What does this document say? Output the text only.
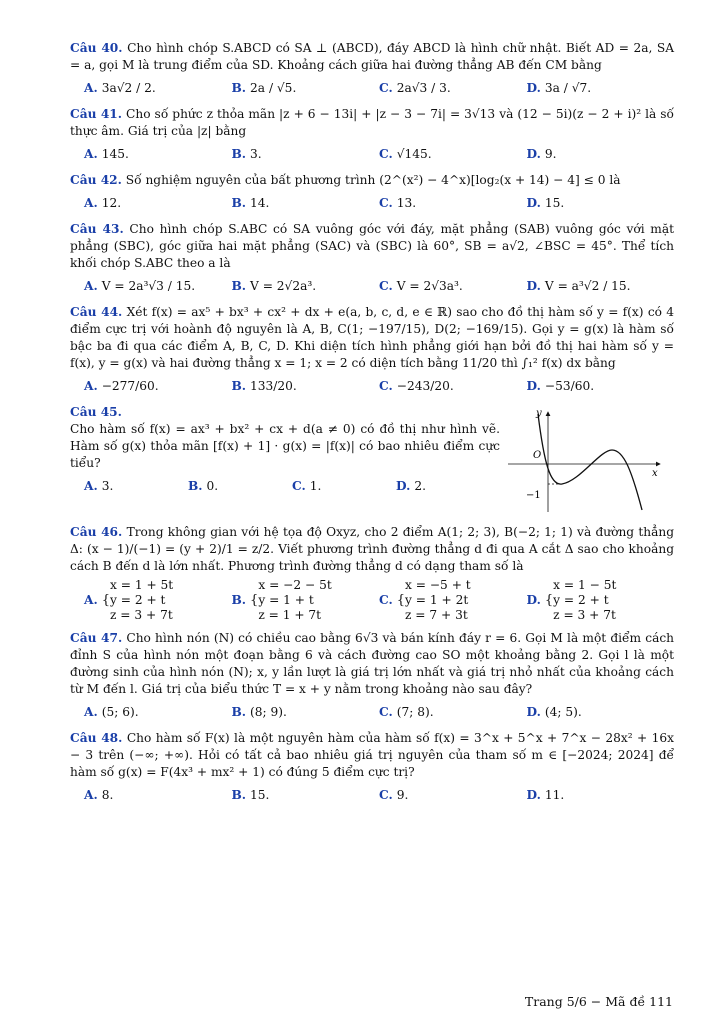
Câu 40. Cho hình chóp S.ABCD có SA ⊥ (ABCD), đáy ABCD là hình chữ nhật. Biết AD = 2a, SA = a, gọi M là trung điểm của SD. Khoảng cách giữa hai đường thẳng AB đến CM bằng
A. 3a√2 / 2.	B. 2a / √5.	C. 2a√3 / 3.	D. 3a / √7.
Câu 41. Cho số phức z thỏa mãn |z + 6 − 13i| + |z − 3 − 7i| = 3√13 và (12 − 5i)(z − 2 + i)² là số thực âm. Giá trị của |z| bằng
A. 145.	B. 3.	C. √145.	D. 9.
Câu 42. Số nghiệm nguyên của bất phương trình (2^(x²) − 4^x)[log₂(x + 14) − 4] ≤ 0 là
A. 12.	B. 14.	C. 13.	D. 15.
Câu 43. Cho hình chóp S.ABC có SA vuông góc với đáy, mặt phẳng (SAB) vuông góc với mặt phẳng (SBC), góc giữa hai mặt phẳng (SAC) và (SBC) là 60°, SB = a√2, ∠BSC = 45°. Thể tích khối chóp S.ABC theo a là
A. V = 2a³√3 / 15.	B. V = 2√2a³.	C. V = 2√3a³.	D. V = a³√2 / 15.
Câu 44. Xét f(x) = ax⁵ + bx³ + cx² + dx + e(a, b, c, d, e ∈ ℝ) sao cho đồ thị hàm số y = f(x) có 4 điểm cực trị với hoành độ nguyên là A, B, C(1; −197/15), D(2; −169/15). Gọi y = g(x) là hàm số bậc ba đi qua các điểm A, B, C, D. Khi diện tích hình phẳng giới hạn bởi đồ thị hai hàm số y = f(x), y = g(x) và hai đường thẳng x = 1; x = 2 có diện tích bằng 11/20 thì ∫₁² f(x) dx bằng
A. −277/60.	B. 133/20.	C. −243/20.	D. −53/60.
Câu 45.
Cho hàm số f(x) = ax³ + bx² + cx + d(a ≠ 0) có đồ thị như hình vẽ. Hàm số g(x) thỏa mãn [f(x) + 1] · g(x) = |f(x)| có bao nhiêu điểm cực tiểu?
A. 3.	B. 0.	C. 1.	D. 2.
y
x
O
−1
Câu 46. Trong không gian với hệ tọa độ Oxyz, cho 2 điểm A(1; 2; 3), B(−2; 1; 1) và đường thẳng Δ: (x − 1)/(−1) = (y + 2)/1 = z/2. Viết phương trình đường thẳng d đi qua A cắt Δ sao cho khoảng cách B đến d là lớn nhất. Phương trình đường thẳng d có dạng tham số là
A. {
x = 1 + 5t
y = 2 + t
z = 3 + 7t
B. {
x = −2 − 5t
y = 1 + t
z = 1 + 7t
C. {
x = −5 + t
y = 1 + 2t
z = 7 + 3t
D. {
x = 1 − 5t
y = 2 + t
z = 3 + 7t
Câu 47. Cho hình nón (N) có chiều cao bằng 6√3 và bán kính đáy r = 6. Gọi M là một điểm cách đỉnh S của hình nón một đoạn bằng 6 và cách đường cao SO một khoảng bằng 2. Gọi l là một đường sinh của hình nón (N); x, y lần lượt là giá trị lớn nhất và giá trị nhỏ nhất của khoảng cách từ M đến l. Giá trị của biểu thức T = x + y nằm trong khoảng nào sau đây?
A. (5; 6).	B. (8; 9).	C. (7; 8).	D. (4; 5).
Câu 48. Cho hàm số F(x) là một nguyên hàm của hàm số f(x) = 3^x + 5^x + 7^x − 28x² + 16x − 3 trên (−∞; +∞). Hỏi có tất cả bao nhiêu giá trị nguyên của tham số m ∈ [−2024; 2024] để hàm số g(x) = F(4x³ + mx² + 1) có đúng 5 điểm cực trị?
A. 8.	B. 15.	C. 9.	D. 11.
Trang 5/6 − Mã đề 111
